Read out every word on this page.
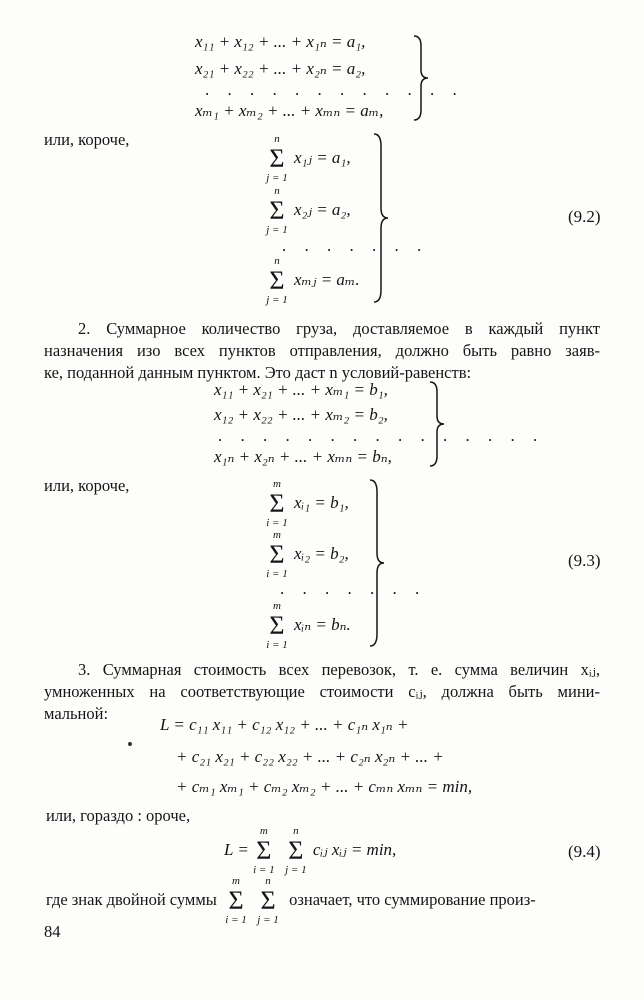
x₁₁ + x₁₂ + ... + x₁ₙ = a₁,
x₂₁ + x₂₂ + ... + x₂ₙ = a₂,
. . . . . . . . . . . .
xₘ₁ + xₘ₂ + ... + xₘₙ = aₘ,
или, короче,	n
Σ
j = 1
x₁ⱼ = a₁,
n
Σ
j = 1
x₂ⱼ = a₂,
. . . . . . .
n
Σ
j = 1
xₘⱼ = aₘ.
(9.2)
2. Суммарное количество груза, доставляемое в каждый пункт
назначения изо всех пунктов отправления, должно быть равно заяв-
ке, поданной данным пунктом. Это даст n условий-равенств:
x₁₁ + x₂₁ + ... + xₘ₁ = b₁,
x₁₂ + x₂₂ + ... + xₘ₂ = b₂,
. . . . . . . . . . . . . . .
x₁ₙ + x₂ₙ + ... + xₘₙ = bₙ,
или, короче,	m
Σ
i = 1
xᵢ₁ = b₁,
m
Σ
i = 1
xᵢ₂ = b₂,
. . . . . . .
m
Σ
i = 1
xᵢₙ = bₙ.
(9.3)
3. Суммарная стоимость всех перевозок, т. е. сумма величин xᵢⱼ,
умноженных на соответствующие стоимости cᵢⱼ, должна быть мини-
мальной:
L = c₁₁ x₁₁ + c₁₂ x₁₂ + ... + c₁ₙ x₁ₙ +
+ c₂₁ x₂₁ + c₂₂ x₂₂ + ... + c₂ₙ x₂ₙ + ... +
+ cₘ₁ xₘ₁ + cₘ₂ xₘ₂ + ... + cₘₙ xₘₙ = min,
или, гораздо : ороче,
L =
m
Σ
i = 1
n
Σ
j = 1
cᵢⱼ xᵢⱼ = min,	(9.4)
где знак двойной суммы
m
Σ
i = 1
n
Σ
j = 1
означает, что суммирование произ-
84
